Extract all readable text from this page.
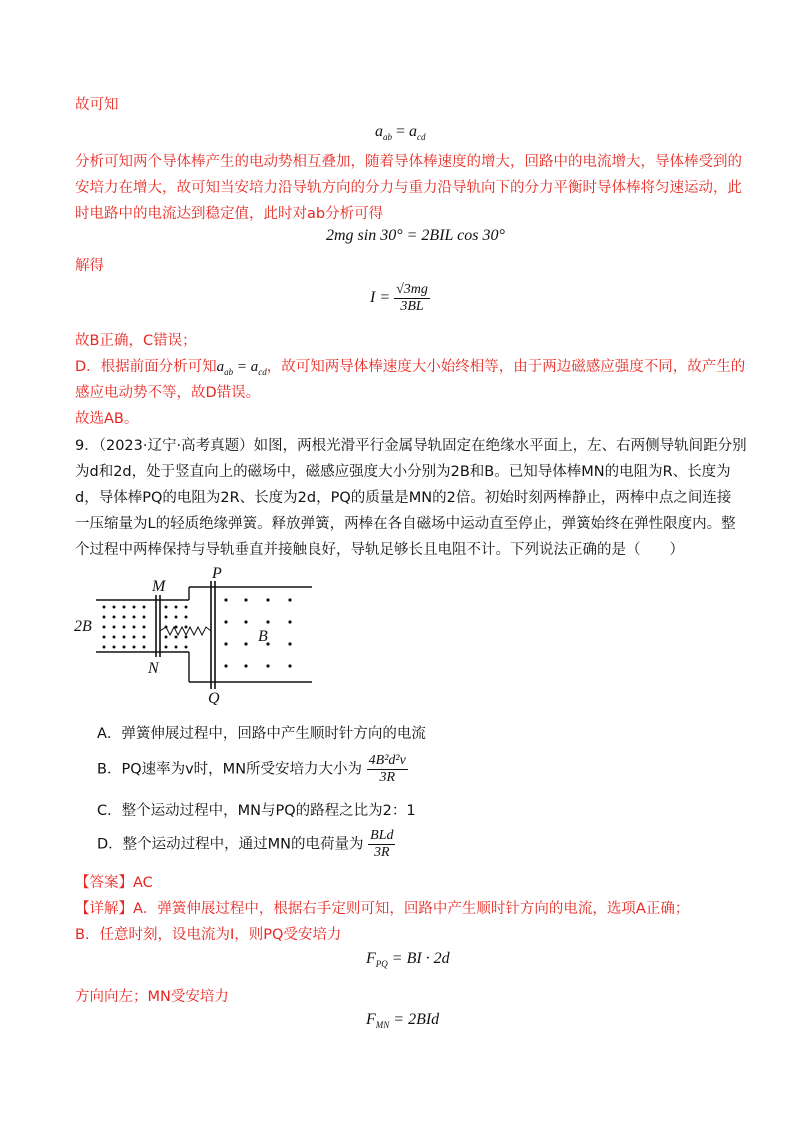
故可知
$a_{ab} = a_{cd}$
分析可知两个导体棒产生的电动势相互叠加，随着导体棒速度的增大，回路中的电流增大，导体棒受到的
安培力在增大，故可知当安培力沿导轨方向的分力与重力沿导轨向下的分力平衡时导体棒将匀速运动，此
时电路中的电流达到稳定值，此时对ab分析可得
2mg sin 30° = 2BIL cos 30°
解得
$I = \frac{√3mg}{3BL}$
故B正确，C错误；
D．根据前面分析可知$a_{ab} = a_{cd}$，故可知两导体棒速度大小始终相等，由于两边磁感应强度不同，故产生的
感应电动势不等，故D错误。
故选AB。
9．（2023·辽宁·高考真题）如图，两根光滑平行金属导轨固定在绝缘水平面上，左、右两侧导轨间距分别
为d和2d，处于竖直向上的磁场中，磁感应强度大小分别为2B和B。已知导体棒MN的电阻为R、长度为
d，导体棒PQ的电阻为2R、长度为2d，PQ的质量是MN的2倍。初始时刻两棒静止，两棒中点之间连接
一压缩量为L的轻质绝缘弹簧。释放弹簧，两棒在各自磁场中运动直至停止，弹簧始终在弹性限度内。整
个过程中两棒保持与导轨垂直并接触良好，导轨足够长且电阻不计。下列说法正确的是（　　）
P
M
2B
B
N
Q
A．弹簧伸展过程中，回路中产生顺时针方向的电流
B．PQ速率为v时，MN所受安培力大小为 $\frac{\text{4B²d²v}}{3R}$
C．整个运动过程中，MN与PQ的路程之比为2：1
D．整个运动过程中，通过MN的电荷量为 $\frac{\text{BLd}}{3R}$
【答案】AC
【详解】A．弹簧伸展过程中，根据右手定则可知，回路中产生顺时针方向的电流，选项A正确；
B．任意时刻，设电流为I，则PQ受安培力
$F_{PQ}$ = BI · 2d
方向向左；MN受安培力
$F_{MN} = 2BId$
